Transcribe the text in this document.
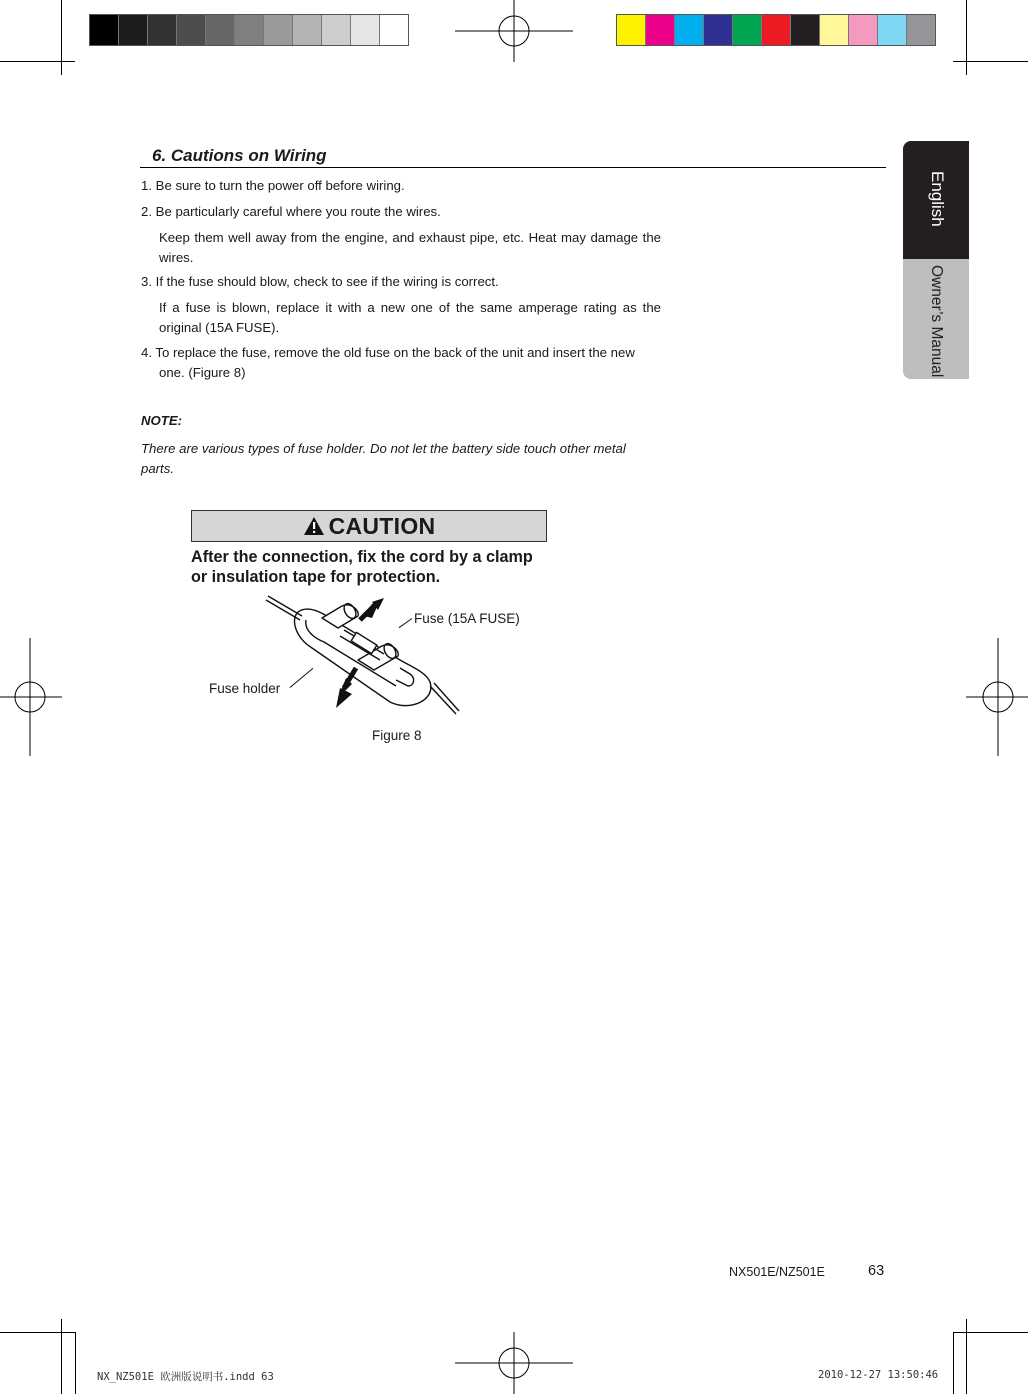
English
Owner’s Manual
6. Cautions on Wiring

1. Be sure to turn the power off before wiring.

2. Be particularly careful where you route the wires.

Keep them well away from the engine, and exhaust pipe, etc. Heat may damage the wires.

3. If the fuse should blow, check to see if the wiring is correct.

If a fuse is blown, replace it with a new one of the same amperage rating as the original (15A FUSE).

4. To replace the fuse, remove the old fuse on the back of the unit and insert the new one. (Figure 8)

NOTE:
There are various types of fuse holder. Do not let the battery side touch other metal parts.
CAUTION
After the connection, fix the cord by a clamp or insulation tape for protection.
Fuse (15A FUSE)
Fuse holder
Figure 8
NX501E/NZ501E	63
NX_NZ501E 欧洲版说明书.indd 63	2010-12-27 13:50:46
